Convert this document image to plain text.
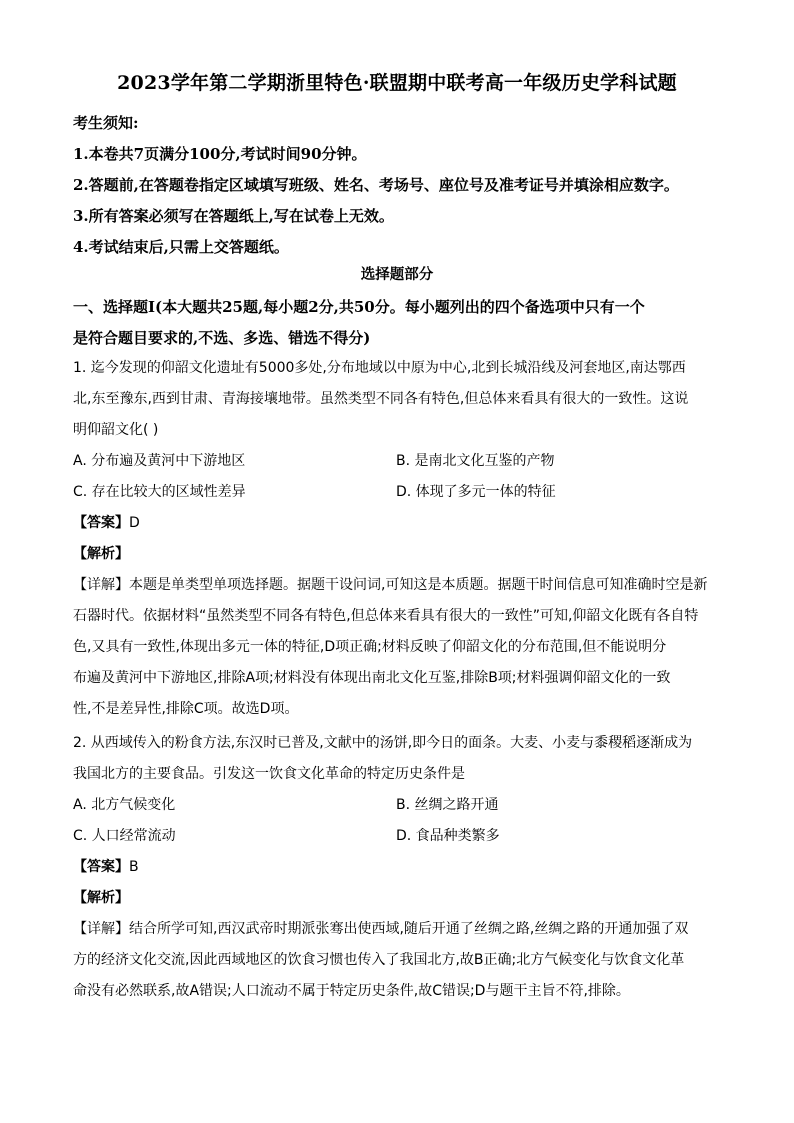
2023学年第二学期浙里特色·联盟期中联考高一年级历史学科试题
考生须知:
1.本卷共7页满分100分,考试时间90分钟。
2.答题前,在答题卷指定区域填写班级、姓名、考场号、座位号及准考证号并填涂相应数字。
3.所有答案必须写在答题纸上,写在试卷上无效。
4.考试结束后,只需上交答题纸。
选择题部分
一、选择题Ⅰ(本大题共25题,每小题2分,共50分。每小题列出的四个备选项中只有一个
是符合题目要求的,不选、多选、错选不得分)
1. 迄今发现的仰韶文化遗址有5000多处,分布地域以中原为中心,北到长城沿线及河套地区,南达鄂西
北,东至豫东,西到甘肃、青海接壤地带。虽然类型不同各有特色,但总体来看具有很大的一致性。这说
明仰韶文化( )
A. 分布遍及黄河中下游地区	B. 是南北文化互鉴的产物
C. 存在比较大的区域性差异	D. 体现了多元一体的特征
【答案】D
【解析】
【详解】本题是单类型单项选择题。据题干设问词,可知这是本质题。据题干时间信息可知准确时空是新
石器时代。依据材料“虽然类型不同各有特色,但总体来看具有很大的一致性”可知,仰韶文化既有各自特
色,又具有一致性,体现出多元一体的特征,D项正确;材料反映了仰韶文化的分布范围,但不能说明分
布遍及黄河中下游地区,排除A项;材料没有体现出南北文化互鉴,排除B项;材料强调仰韶文化的一致
性,不是差异性,排除C项。故选D项。
2. 从西域传入的粉食方法,东汉时已普及,文献中的汤饼,即今日的面条。大麦、小麦与黍稷稻逐渐成为
我国北方的主要食品。引发这一饮食文化革命的特定历史条件是
A. 北方气候变化	B. 丝绸之路开通
C. 人口经常流动	D. 食品种类繁多
【答案】B
【解析】
【详解】结合所学可知,西汉武帝时期派张骞出使西域,随后开通了丝绸之路,丝绸之路的开通加强了双
方的经济文化交流,因此西域地区的饮食习惯也传入了我国北方,故B正确;北方气候变化与饮食文化革
命没有必然联系,故A错误;人口流动不属于特定历史条件,故C错误;D与题干主旨不符,排除。
